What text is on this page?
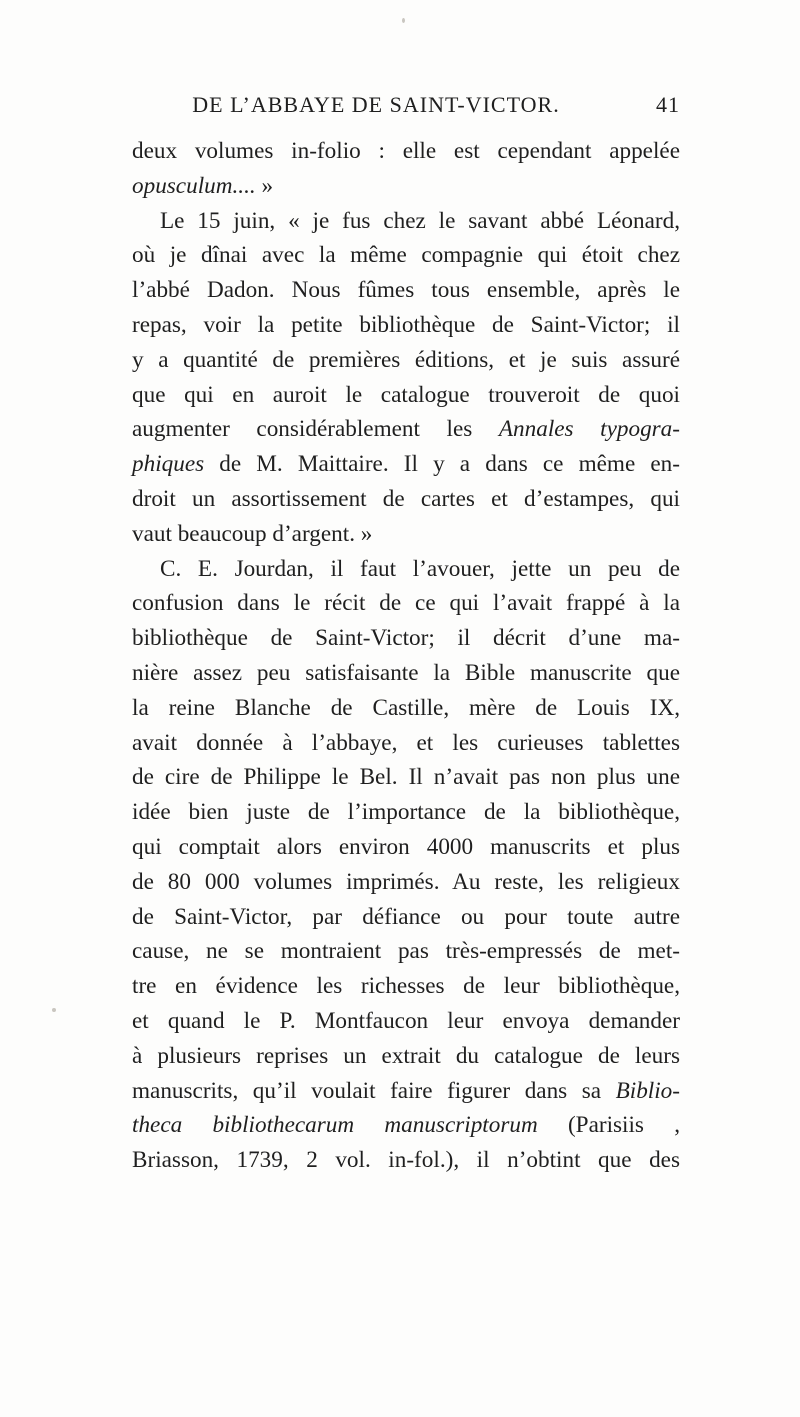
DE L’ABBAYE DE SAINT-VICTOR.	41
deux volumes in-folio : elle est cependant appelée
opusculum.... »
Le 15 juin, « je fus chez le savant abbé Léonard,
où je dînai avec la même compagnie qui étoit chez
l’abbé Dadon. Nous fûmes tous ensemble, après le
repas, voir la petite bibliothèque de Saint-Victor; il
y a quantité de premières éditions, et je suis assuré
que qui en auroit le catalogue trouveroit de quoi
augmenter considérablement les Annales typogra-
phiques de M. Maittaire. Il y a dans ce même en-
droit un assortissement de cartes et d’estampes, qui
vaut beaucoup d’argent. »
C. E. Jourdan, il faut l’avouer, jette un peu de
confusion dans le récit de ce qui l’avait frappé à la
bibliothèque de Saint-Victor; il décrit d’une ma-
nière assez peu satisfaisante la Bible manuscrite que
la reine Blanche de Castille, mère de Louis IX,
avait donnée à l’abbaye, et les curieuses tablettes
de cire de Philippe le Bel. Il n’avait pas non plus une
idée bien juste de l’importance de la bibliothèque,
qui comptait alors environ 4000 manuscrits et plus
de 80 000 volumes imprimés. Au reste, les religieux
de Saint-Victor, par défiance ou pour toute autre
cause, ne se montraient pas très-empressés de met-
tre en évidence les richesses de leur bibliothèque,
et quand le P. Montfaucon leur envoya demander
à plusieurs reprises un extrait du catalogue de leurs
manuscrits, qu’il voulait faire figurer dans sa Biblio-
theca bibliothecarum manuscriptorum (Parisiis ,
Briasson, 1739, 2 vol. in-fol.), il n’obtint que des
